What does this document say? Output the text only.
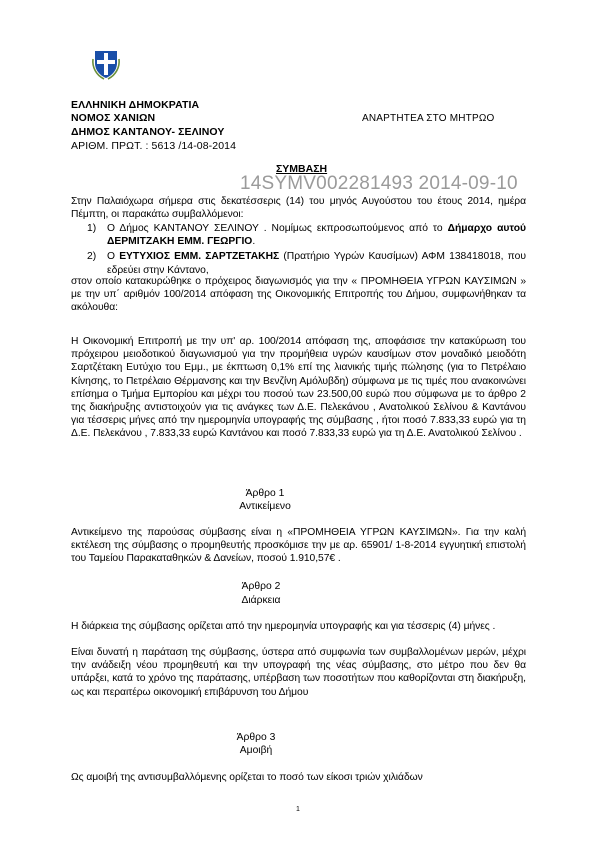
ΕΛΛΗΝΙΚΗ ΔΗΜΟΚΡΑΤΙΑ
ΝΟΜΟΣ ΧΑΝΙΩΝ
ΔΗΜΟΣ ΚΑΝΤΑΝΟΥ- ΣΕΛΙΝΟΥ
ΑΡΙΘΜ. ΠΡΩΤ. : 5613 /14-08-2014
ΑΝΑΡΤΗΤΕΑ ΣΤΟ ΜΗΤΡΩΟ
ΣΥΜΒΑΣΗ
14SYMV002281493 2014-09-10
Στην Παλαιόχωρα σήμερα στις δεκατέσσερις (14) του μηνός Αυγούστου του έτους 2014, ημέρα Πέμπτη, οι παρακάτω συμβαλλόμενοι:
1) Ο Δήμος ΚΑΝΤΑΝΟΥ ΣΕΛΙΝΟΥ . Νομίμως εκπροσωπούμενος από το Δήμαρχο αυτού ΔΕΡΜΙΤΖΑΚΗ ΕΜΜ. ΓΕΩΡΓΙΟ.
2) Ο ΕΥΤΥΧΙΟΣ ΕΜΜ. ΣΑΡΤΖΕΤΑΚΗΣ (Πρατήριο Υγρών Καυσίμων) ΑΦΜ 138418018, που εδρεύει στην Κάντανο,
στον οποίο κατακυρώθηκε ο πρόχειρος διαγωνισμός για την « ΠΡΟΜΗΘΕΙΑ ΥΓΡΩΝ ΚΑΥΣΙΜΩΝ » με την υπ΄ αριθμόν 100/2014 απόφαση της Οικονομικής Επιτροπής του Δήμου, συμφωνήθηκαν τα ακόλουθα:
Η Οικονομική Επιτροπή με την υπ' αρ. 100/2014 απόφαση της, αποφάσισε την κατακύρωση του πρόχειρου μειοδοτικού διαγωνισμού για την προμήθεια υγρών καυσίμων στον μοναδικό μειοδότη Σαρτζέτακη Ευτύχιο του Εμμ., με έκπτωση 0,1% επί της λιανικής τιμής πώλησης (για το Πετρέλαιο Κίνησης, το Πετρέλαιο Θέρμανσης και την Βενζίνη Αμόλυβδη) σύμφωνα με τις τιμές που ανακοινώνει επίσημα ο Τμήμα Εμπορίου και μέχρι του ποσού των 23.500,00 ευρώ που σύμφωνα με το άρθρο 2 της διακήρυξης αντιστοιχούν για τις ανάγκες των Δ.Ε. Πελεκάνου , Ανατολικού Σελίνου & Καντάνου για τέσσερις μήνες από την ημερομηνία υπογραφής της σύμβασης , ήτοι ποσό 7.833,33 ευρώ για τη Δ.Ε. Πελεκάνου , 7.833,33 ευρώ Καντάνου και ποσό 7.833,33 ευρώ για τη Δ.Ε. Ανατολικού Σελίνου .
Άρθρο 1
Αντικείμενο
Αντικείμενο της παρούσας σύμβασης είναι η «ΠΡΟΜΗΘΕΙΑ ΥΓΡΩΝ ΚΑΥΣΙΜΩΝ». Για την καλή εκτέλεση της σύμβασης ο προμηθευτής προσκόμισε την με αρ. 65901/ 1-8-2014 εγγυητική επιστολή του Ταμείου Παρακαταθηκών & Δανείων, ποσού 1.910,57€ .
Άρθρο 2
Διάρκεια
Η διάρκεια της σύμβασης ορίζεται από την ημερομηνία υπογραφής και για τέσσερις (4) μήνες .
Είναι δυνατή η παράταση της σύμβασης, ύστερα από συμφωνία των συμβαλλομένων μερών, μέχρι την ανάδειξη νέου προμηθευτή και την υπογραφή της νέας σύμβασης, στο μέτρο που δεν θα υπάρξει, κατά το χρόνο της παράτασης, υπέρβαση των ποσοτήτων που καθορίζονται στη διακήρυξη, ως και περαιτέρω οικονομική επιβάρυνση του Δήμου
Άρθρο 3
Αμοιβή
Ως αμοιβή της αντισυμβαλλόμενης ορίζεται το ποσό των είκοσι τριών χιλιάδων
1
